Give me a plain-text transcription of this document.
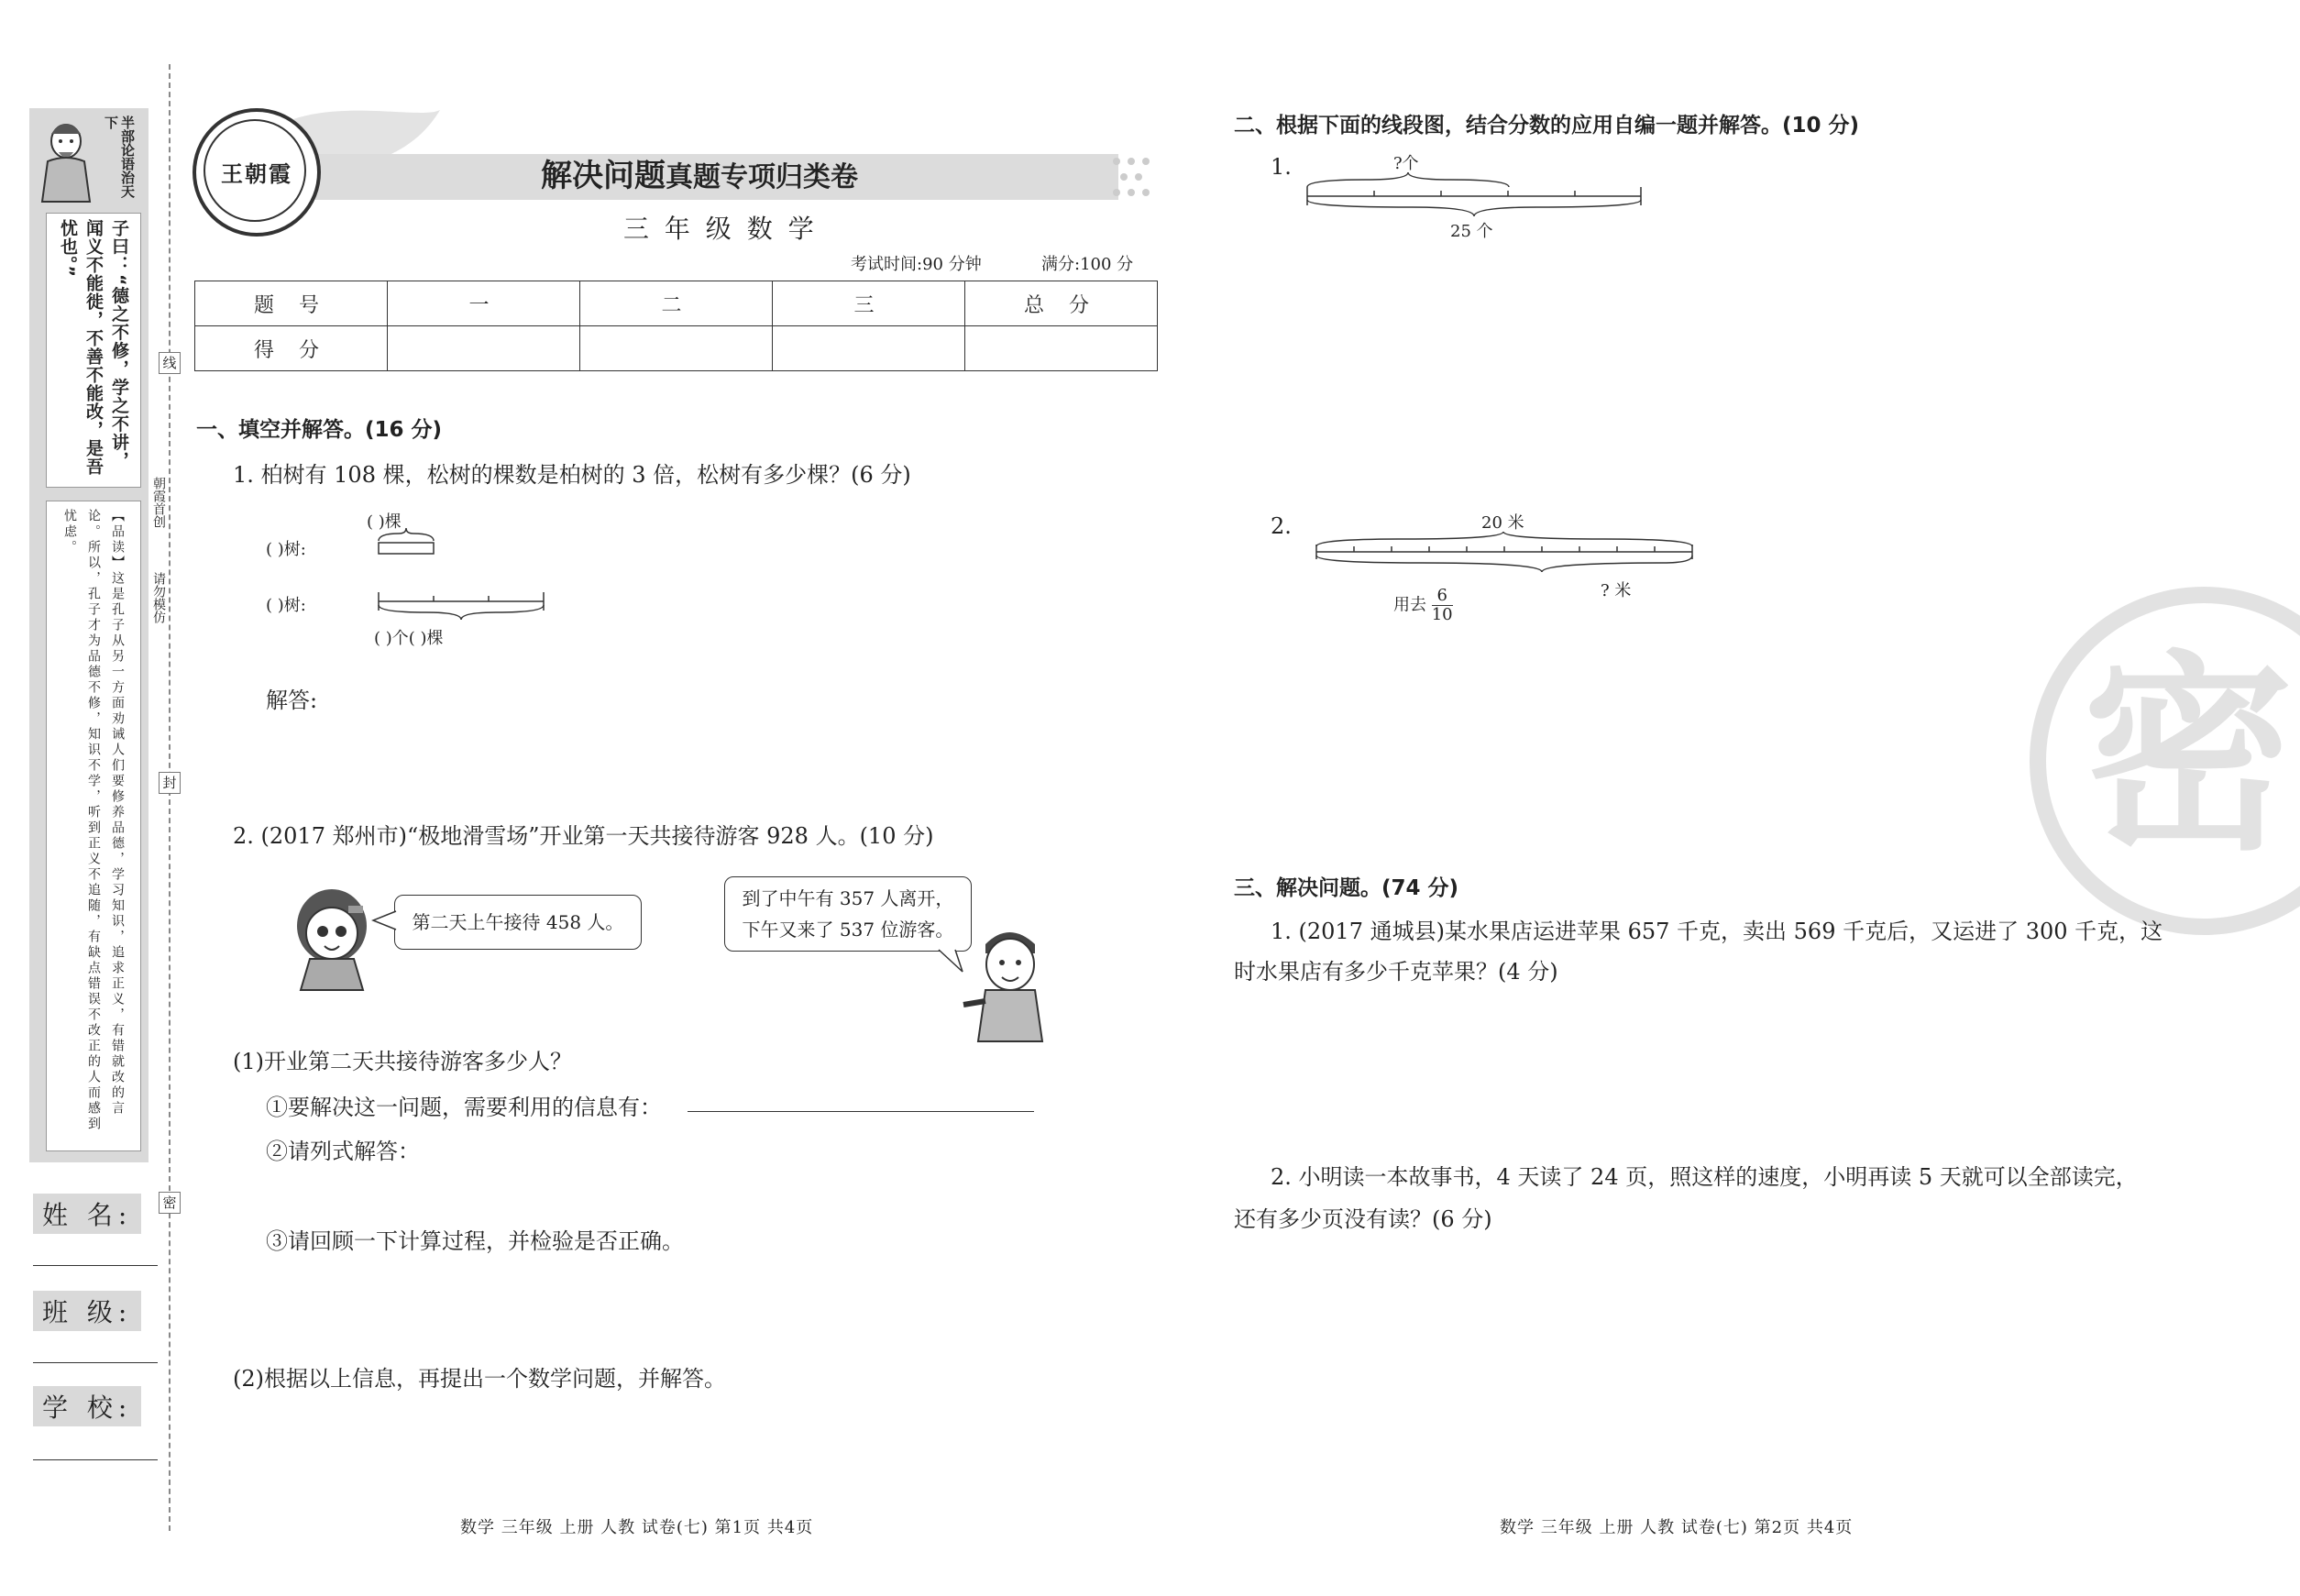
半部论语治天下
子曰：“德之不修，学之不讲，闻义不能徙，不善不能改，是吾忧也。”
【品读】这是孔子从另一方面劝诫人们要修养品德，学习知识，追求正义，有错就改的言论。所以，孔子才为品德不修，知识不学，听到正义不追随，有缺点错误不改正的人而感到忧虑。
线
封
密
朝霞首创
请勿模仿
姓 名:
班 级:
学 校:
王朝霞	解决问题真题专项归类卷
三 年 级 数 学
考试时间:90 分钟	满分:100 分
题 号	一	二	三	总 分
得 分				
一、填空并解答。(16 分)
1. 柏树有 108 棵，松树的棵数是柏树的 3 倍，松树有多少棵？(6 分)
( )棵
( )树:
( )树:
( )个( )棵
解答:
2. (2017 郑州市)“极地滑雪场”开业第一天共接待游客 928 人。(10 分)
第二天上午接待 458 人。
到了中午有 357 人离开，
下午又来了 537 位游客。
(1)开业第二天共接待游客多少人？
①要解决这一问题，需要利用的信息有：
②请列式解答：
③请回顾一下计算过程，并检验是否正确。
(2)根据以上信息，再提出一个数学问题，并解答。
二、根据下面的线段图，结合分数的应用自编一题并解答。(10 分)
1.	?个
25 个
2.	20 米
用去 $\frac{6}{10}$	? 米
密
三、解决问题。(74 分)
1. (2017 通城县)某水果店运进苹果 657 千克，卖出 569 千克后，又运进了 300 千克，这
时水果店有多少千克苹果？(4 分)
2. 小明读一本故事书，4 天读了 24 页，照这样的速度，小明再读 5 天就可以全部读完，
还有多少页没有读？(6 分)
数学 三年级 上册 人教 试卷(七) 第1页 共4页	数学 三年级 上册 人教 试卷(七) 第2页 共4页
